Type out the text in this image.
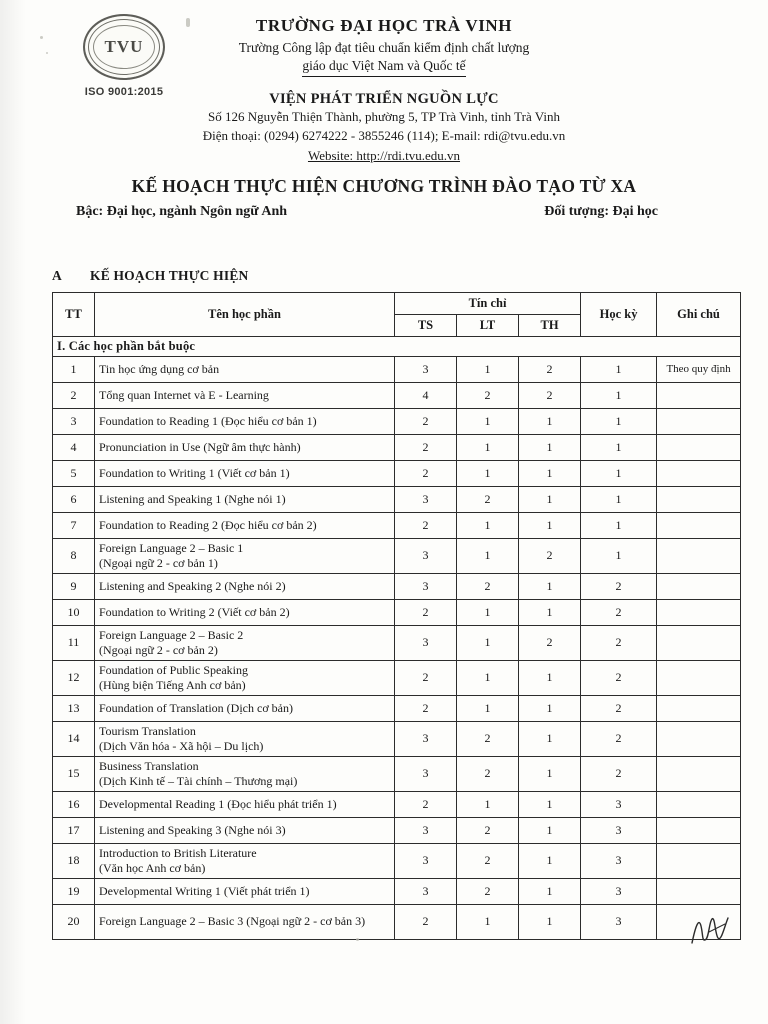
TVU
ISO 9001:2015
TRƯỜNG ĐẠI HỌC TRÀ VINH
Trường Công lập đạt tiêu chuẩn kiểm định chất lượng
giáo dục Việt Nam và Quốc tế
VIỆN PHÁT TRIỂN NGUỒN LỰC
Số 126 Nguyễn Thiện Thành, phường 5, TP Trà Vinh, tỉnh Trà Vinh
Điện thoại: (0294) 6274222 - 3855246 (114); E-mail: rdi@tvu.edu.vn
Website: http://rdi.tvu.edu.vn
KẾ HOẠCH THỰC HIỆN CHƯƠNG TRÌNH ĐÀO TẠO TỪ XA
Bậc: Đại học, ngành Ngôn ngữ Anh	Đối tượng: Đại học
A KẾ HOẠCH THỰC HIỆN
TT	Tên học phần	Tín chỉ			Học kỳ	Ghi chú
		TS	LT	TH		
I. Các học phần bắt buộc						
1	Tin học ứng dụng cơ bản	3	1	2	1	Theo quy định
2	Tổng quan Internet và E - Learning	4	2	2	1	
3	Foundation to Reading 1 (Đọc hiểu cơ bản 1)	2	1	1	1	
4	Pronunciation in Use (Ngữ âm thực hành)	2	1	1	1	
5	Foundation to Writing 1 (Viết cơ bản 1)	2	1	1	1	
6	Listening and Speaking 1 (Nghe nói 1)	3	2	1	1	
7	Foundation to Reading 2 (Đọc hiểu cơ bản 2)	2	1	1	1	
8	Foreign Language 2 – Basic 1
(Ngoại ngữ 2 - cơ bản 1)	3	1	2	1	
9	Listening and Speaking 2 (Nghe nói 2)	3	2	1	2	
10	Foundation to Writing 2 (Viết cơ bản 2)	2	1	1	2	
11	Foreign Language 2 – Basic 2
(Ngoại ngữ 2 - cơ bản 2)	3	1	2	2	
12	Foundation of Public Speaking
(Hùng biện Tiếng Anh cơ bản)	2	1	1	2	
13	Foundation of Translation (Dịch cơ bản)	2	1	1	2	
14	Tourism Translation
(Dịch Văn hóa - Xã hội – Du lịch)	3	2	1	2	
15	Business Translation
(Dịch Kinh tế – Tài chính – Thương mại)	3	2	1	2	
16	Developmental Reading 1 (Đọc hiểu phát triển 1)	2	1	1	3	
17	Listening and Speaking 3 (Nghe nói 3)	3	2	1	3	
18	Introduction to British Literature
(Văn học Anh cơ bản)	3	2	1	3	
19	Developmental Writing 1 (Viết phát triển 1)	3	2	1	3	
20	Foreign Language 2 – Basic 3 (Ngoại ngữ 2 - cơ bản 3)	2	1	1	3	
